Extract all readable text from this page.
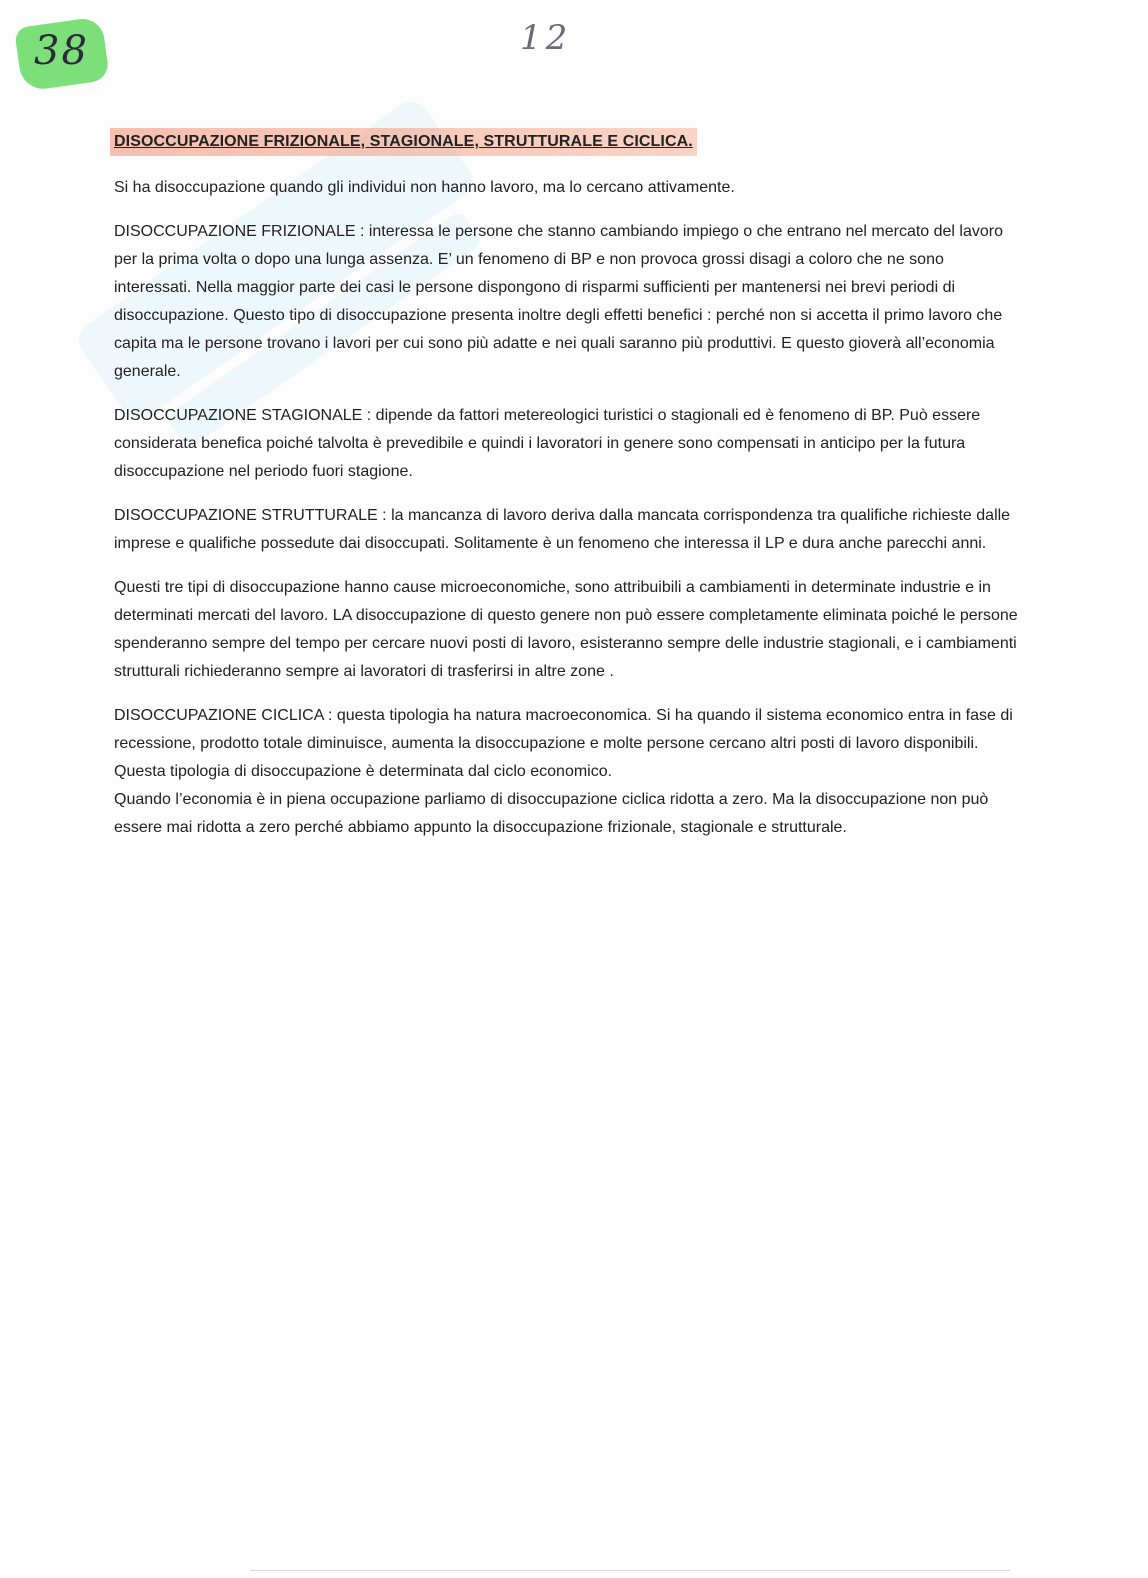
38	12
DISOCCUPAZIONE FRIZIONALE, STAGIONALE, STRUTTURALE E CICLICA.

Si ha disoccupazione quando gli individui non hanno lavoro, ma lo cercano attivamente.

DISOCCUPAZIONE FRIZIONALE : interessa le persone che stanno cambiando impiego o che entrano nel mercato del lavoro per la prima volta o dopo una lunga assenza. E’ un fenomeno di BP e non provoca grossi disagi a coloro che ne sono interessati. Nella maggior parte dei casi le persone dispongono di risparmi sufficienti per mantenersi nei brevi periodi di disoccupazione. Questo tipo di disoccupazione presenta inoltre degli effetti benefici : perché non si accetta il primo lavoro che capita ma le persone trovano i lavori per cui sono più adatte e nei quali saranno più produttivi. E questo gioverà all’economia generale.

DISOCCUPAZIONE STAGIONALE : dipende da fattori metereologici turistici o stagionali ed è fenomeno di BP. Può essere considerata benefica poiché talvolta è prevedibile e quindi i lavoratori in genere sono compensati in anticipo per la futura disoccupazione nel periodo fuori stagione.

DISOCCUPAZIONE STRUTTURALE : la mancanza di lavoro deriva dalla mancata corrispondenza tra qualifiche richieste dalle imprese e qualifiche possedute dai disoccupati. Solitamente è un fenomeno che interessa il LP e dura anche parecchi anni.

Questi tre tipi di disoccupazione hanno cause microeconomiche, sono attribuibili a cambiamenti in determinate industrie e in determinati mercati del lavoro. LA disoccupazione di questo genere non può essere completamente eliminata poiché le persone spenderanno sempre del tempo per cercare nuovi posti di lavoro, esisteranno sempre delle industrie stagionali, e i cambiamenti strutturali richiederanno sempre ai lavoratori di trasferirsi in altre zone .

DISOCCUPAZIONE CICLICA : questa tipologia ha natura macroeconomica. Si ha quando il sistema economico entra in fase di recessione, prodotto totale diminuisce, aumenta la disoccupazione e molte persone cercano altri posti di lavoro disponibili.

Questa tipologia di disoccupazione è determinata dal ciclo economico.

Quando l’economia è in piena occupazione parliamo di disoccupazione ciclica ridotta a zero. Ma la disoccupazione non può essere mai ridotta a zero perché abbiamo appunto la disoccupazione frizionale, stagionale e strutturale.
